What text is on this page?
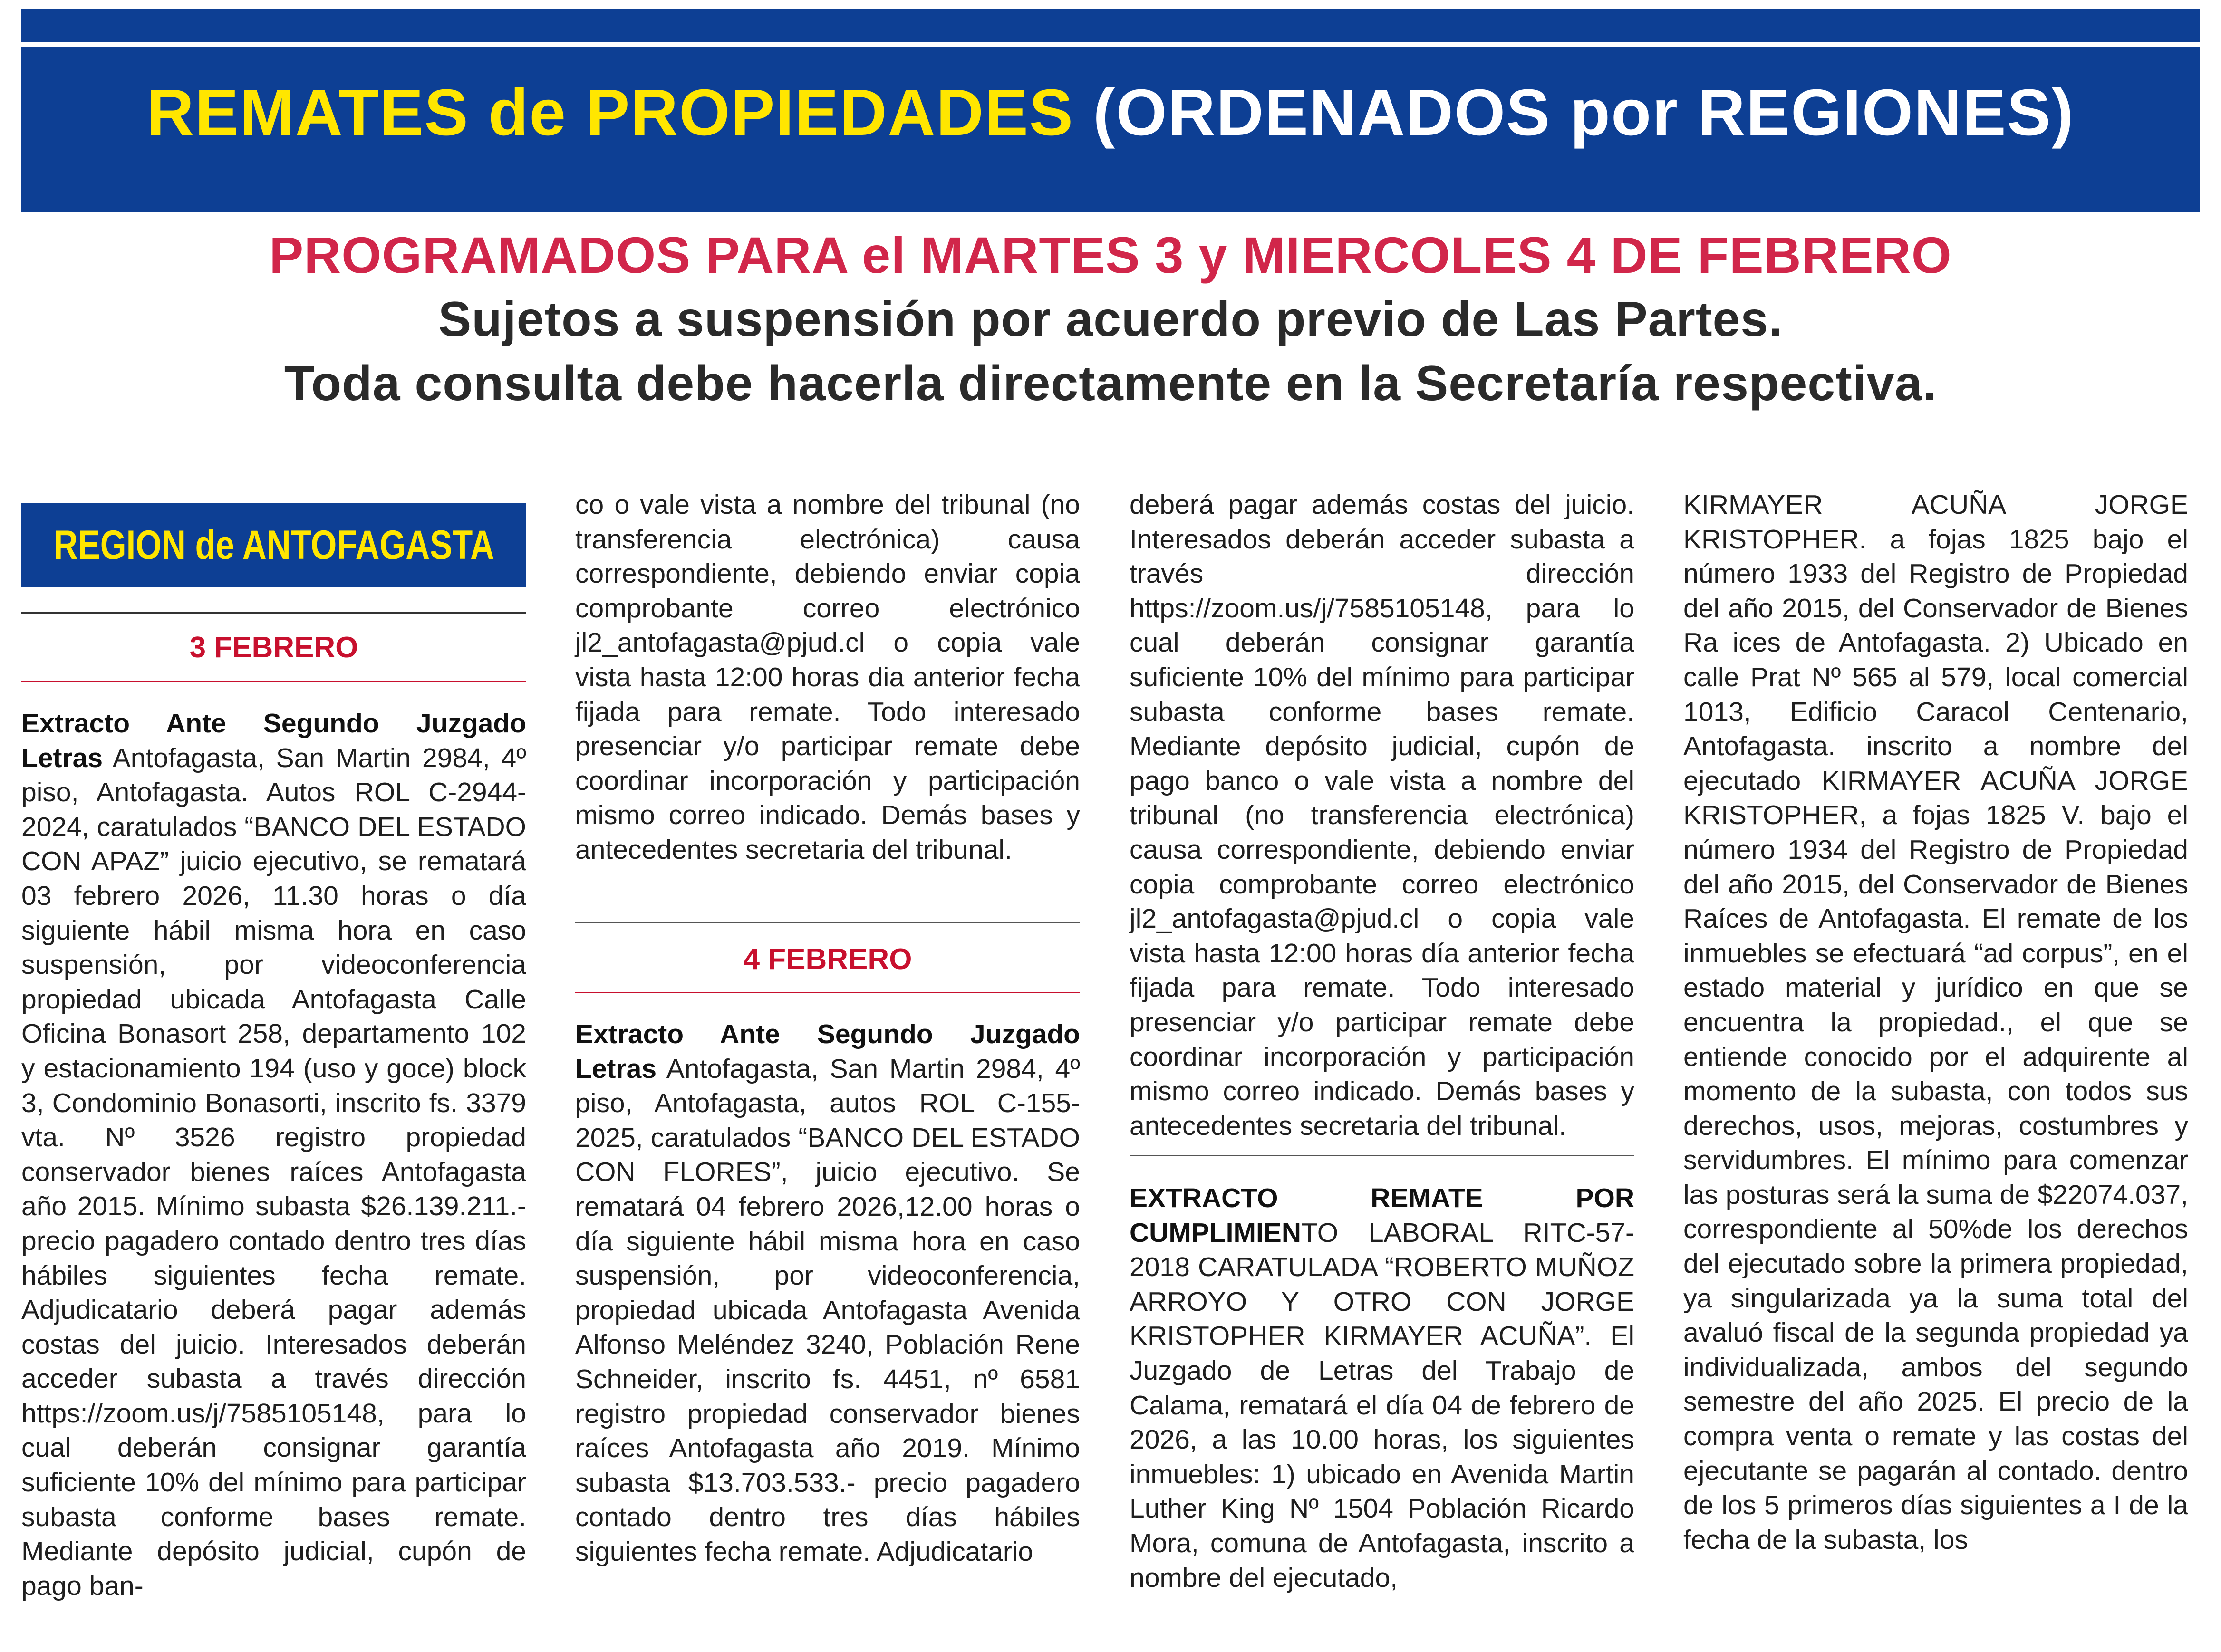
REMATES de PROPIEDADES (ORDENADOS por REGIONES)
PROGRAMADOS PARA el MARTES 3 y MIERCOLES 4 DE FEBRERO
Sujetos a suspensión por acuerdo previo de Las Partes.
Toda consulta debe hacerla directamente en la Secretaría respectiva.
REGION de ANTOFAGASTA
3 FEBRERO

Extracto Ante Segundo Juzgado Letras Antofagasta, San Martin 2984, 4º piso, Antofagasta. Autos ROL C-2944-2024, caratulados “BANCO DEL ESTADO CON APAZ” juicio ejecutivo, se rematará 03 febrero 2026, 11.30 horas o día siguiente hábil misma hora en caso suspensión, por videoconferencia propiedad ubicada Antofagasta Calle Oficina Bonasort 258, departamento 102 y estacionamiento 194 (uso y goce) block 3, Condominio Bonasorti, inscrito fs. 3379 vta. Nº 3526 registro propiedad conservador bienes raíces Antofagasta año 2015. Mínimo subasta $26.139.211.- precio pagadero contado dentro tres días hábiles siguientes fecha remate. Adjudicatario deberá pagar además costas del juicio. Interesados deberán acceder subasta a través dirección https://zoom.us/j/7585105148, para lo cual deberán consignar garantía suficiente 10% del mínimo para participar subasta conforme bases remate. Mediante depósito judicial, cupón de pago ban-

co o vale vista a nombre del tribunal (no transferencia electrónica) causa correspondiente, debiendo enviar copia comprobante correo electrónico jl2_antofagasta@pjud.cl o copia vale vista hasta 12:00 horas dia anterior fecha fijada para remate. Todo interesado presenciar y/o participar remate debe coordinar incorporación y participación mismo correo indicado. Demás bases y antecedentes secretaria del tribunal.

4 FEBRERO

Extracto Ante Segundo Juzgado Letras Antofagasta, San Martin 2984, 4º piso, Antofagasta, autos ROL C-155-2025, caratulados “BANCO DEL ESTADO CON FLORES”, juicio ejecutivo. Se rematará 04 febrero 2026,12.00 horas o día siguiente hábil misma hora en caso suspensión, por videoconferencia, propiedad ubicada Antofagasta Avenida Alfonso Meléndez 3240, Población Rene Schneider, inscrito fs. 4451, nº 6581 registro propiedad conservador bienes raíces Antofagasta año 2019. Mínimo subasta $13.703.533.- precio pagadero contado dentro tres días hábiles siguientes fecha remate. Adjudicatario

deberá pagar además costas del juicio. Interesados deberán acceder subasta a través dirección https://zoom.us/j/7585105148, para lo cual deberán consignar garantía suficiente 10% del mínimo para participar subasta conforme bases remate. Mediante depósito judicial, cupón de pago banco o vale vista a nombre del tribunal (no transferencia electrónica) causa correspondiente, debiendo enviar copia comprobante correo electrónico jl2_antofagasta@pjud.cl o copia vale vista hasta 12:00 horas día anterior fecha fijada para remate. Todo interesado presenciar y/o participar remate debe coordinar incorporación y participación mismo correo indicado. Demás bases y antecedentes secretaria del tribunal.

EXTRACTO REMATE POR CUMPLIMIENTO LABORAL RITC-57-2018 CARATULADA “ROBERTO MUÑOZ ARROYO Y OTRO CON JORGE KRISTOPHER KIRMAYER ACUÑA”. El Juzgado de Letras del Trabajo de Calama, rematará el día 04 de febrero de 2026, a las 10.00 horas, los siguientes inmuebles: 1) ubicado en Avenida Martin Luther King Nº 1504 Población Ricardo Mora, comuna de Antofagasta, inscrito a nombre del ejecutado,

KIRMAYER ACUÑA JORGE KRISTOPHER. a fojas 1825 bajo el número 1933 del Registro de Propiedad del año 2015, del Conservador de Bienes Ra ices de Antofagasta. 2) Ubicado en calle Prat Nº 565 al 579, local comercial 1013, Edificio Caracol Centenario, Antofagasta. inscrito a nombre del ejecutado KIRMAYER ACUÑA JORGE KRISTOPHER, a fojas 1825 V. bajo el número 1934 del Registro de Propiedad del año 2015, del Conservador de Bienes Raíces de Antofagasta. El remate de los inmuebles se efectuará “ad corpus”, en el estado material y jurídico en que se encuentra la propiedad., el que se entiende conocido por el adquirente al momento de la subasta, con todos sus derechos, usos, mejoras, costumbres y servidumbres. El mínimo para comenzar las posturas será la suma de $22074.037, correspondiente al 50%de los derechos del ejecutado sobre la primera propiedad, ya singularizada ya la suma total del avaluó fiscal de la segunda propiedad ya individualizada, ambos del segundo semestre del año 2025. El precio de la compra venta o remate y las costas del ejecutante se pagarán al contado. dentro de los 5 primeros días siguientes a I de la fecha de la subasta, los
